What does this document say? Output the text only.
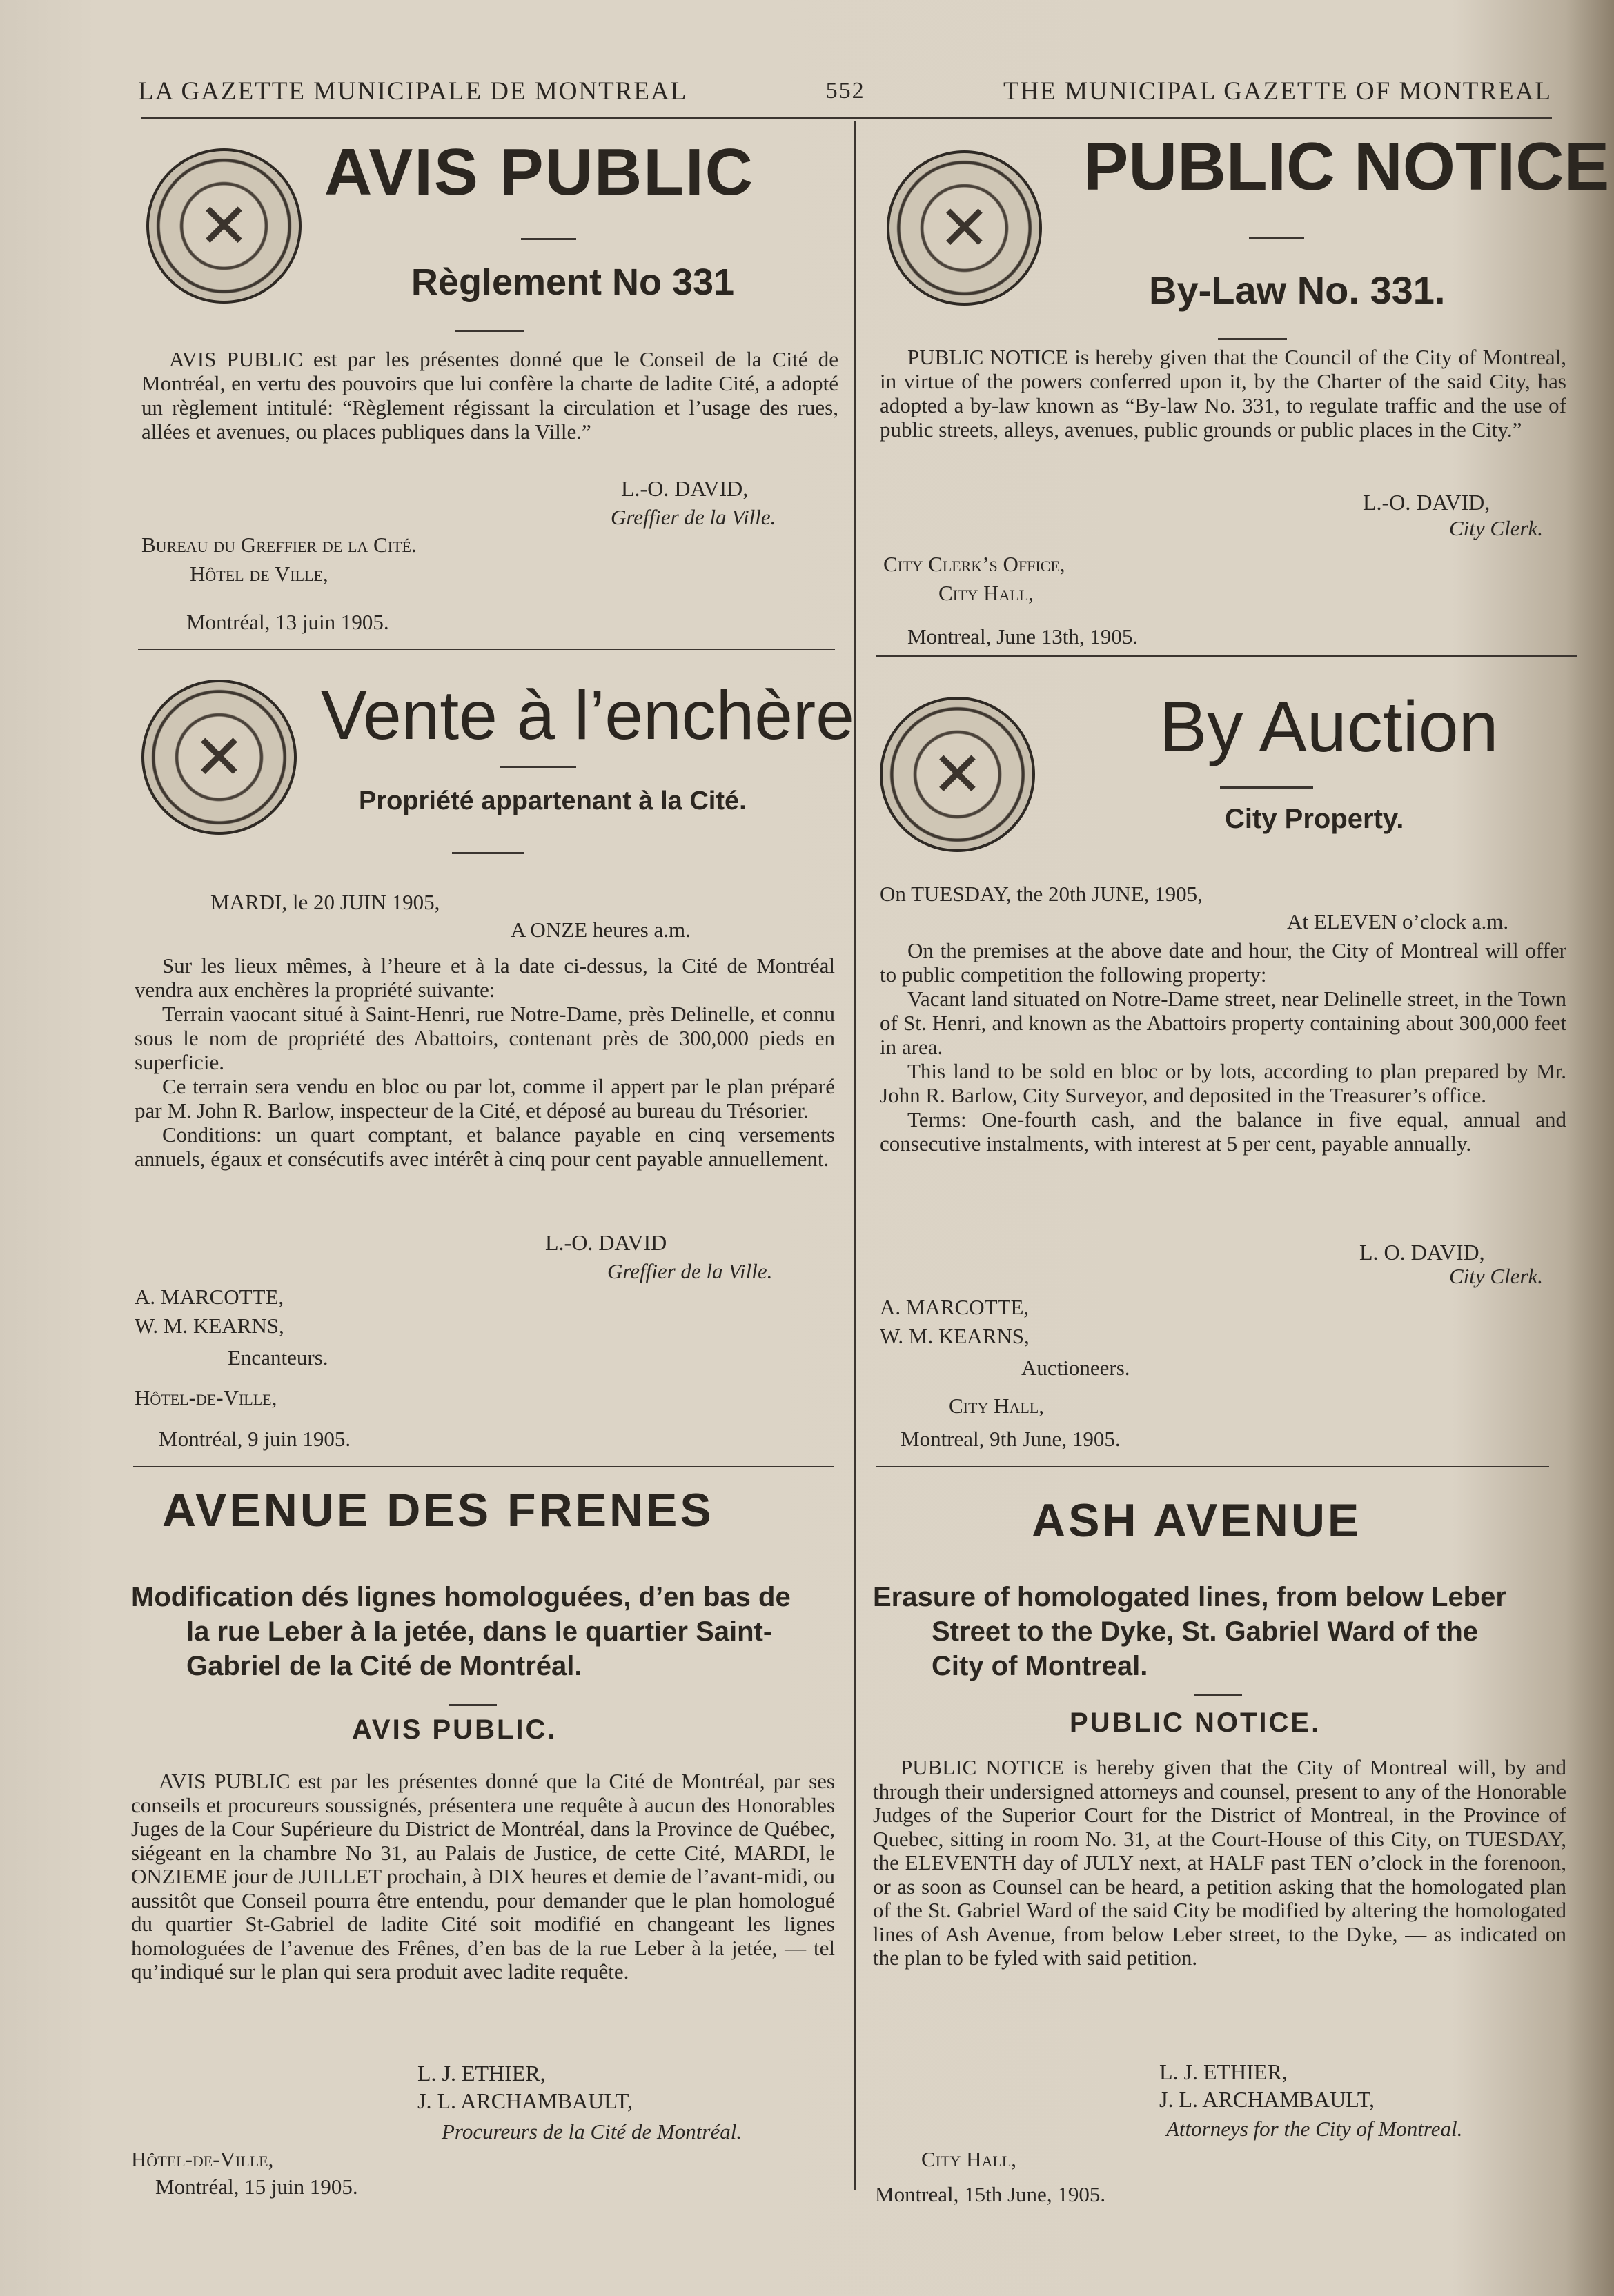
LA GAZETTE MUNICIPALE DE MONTREAL	552	THE MUNICIPAL GAZETTE OF MONTREAL
✕
AVIS PUBLIC
Règlement No 331

AVIS PUBLIC est par les présentes donné que le Conseil de la Cité de Montréal, en vertu des pouvoirs que lui confère la charte de ladite Cité, a adopté un règlement intitulé: “Règlement régissant la circulation et l’usage des rues, allées et avenues, ou places publiques dans la Ville.”

L.-O. DAVID,
Greffier de la Ville.
Bureau du Greffier de la Cité.
Hôtel de Ville,
Montréal, 13 juin 1905.
✕
Vente à l’enchère
Propriété appartenant à la Cité.
MARDI, le 20 JUIN 1905,
A ONZE heures a.m.

Sur les lieux mêmes, à l’heure et à la date ci-dessus, la Cité de Montréal vendra aux enchères la propriété suivante:

Terrain vaocant situé à Saint-Henri, rue Notre-Dame, près Delinelle, et connu sous le nom de propriété des Abattoirs, contenant près de 300,000 pieds en superficie.

Ce terrain sera vendu en bloc ou par lot, comme il appert par le plan préparé par M. John R. Barlow, inspecteur de la Cité, et déposé au bureau du Trésorier.

Conditions: un quart comptant, et balance payable en cinq versements annuels, égaux et consécutifs avec intérêt à cinq pour cent payable annuellement.

L.-O. DAVID
Greffier de la Ville.
A. MARCOTTE,
W. M. KEARNS,
Encanteurs.
Hôtel-de-Ville,
Montréal, 9 juin 1905.
AVENUE DES FRENES
Modification dés lignes homologuées, d’en bas de
la rue Leber à la jetée, dans le quartier Saint-
Gabriel de la Cité de Montréal.
AVIS PUBLIC.

AVIS PUBLIC est par les présentes donné que la Cité de Montréal, par ses conseils et procureurs soussignés, présentera une requête à aucun des Honorables Juges de la Cour Supérieure du District de Montréal, dans la Province de Québec, siégeant en la chambre No 31, au Palais de Justice, de cette Cité, MARDI, le ONZIEME jour de JUILLET prochain, à DIX heures et demie de l’avant-midi, ou aussitôt que Conseil pourra être entendu, pour demander que le plan homologué du quartier St-Gabriel de ladite Cité soit modifié en changeant les lignes homologuées de l’avenue des Frênes, d’en bas de la rue Leber à la jetée, — tel qu’indiqué sur le plan qui sera produit avec ladite requête.

L. J. ETHIER,
J. L. ARCHAMBAULT,
Procureurs de la Cité de Montréal.
Hôtel-de-Ville,
Montréal, 15 juin 1905.
✕
PUBLIC NOTICE
By-Law No. 331.

PUBLIC NOTICE is hereby given that the Council of the City of Montreal, in virtue of the powers conferred upon it, by the Charter of the said City, has adopted a by-law known as “By-law No. 331, to regulate traffic and the use of public streets, alleys, avenues, public grounds or public places in the City.”

L.-O. DAVID,
City Clerk.
City Clerk’s Office,
City Hall,
Montreal, June 13th, 1905.
✕
By Auction
City Property.
On TUESDAY, the 20th JUNE, 1905,
At ELEVEN o’clock a.m.

On the premises at the above date and hour, the City of Montreal will offer to public competition the following property:

Vacant land situated on Notre-Dame street, near Delinelle street, in the Town of St. Henri, and known as the Abattoirs property containing about 300,000 feet in area.

This land to be sold en bloc or by lots, according to plan prepared by Mr. John R. Barlow, City Surveyor, and deposited in the Treasurer’s office.

Terms: One-fourth cash, and the balance in five equal, annual and consecutive instalments, with interest at 5 per cent, payable annually.

L. O. DAVID,
City Clerk.
A. MARCOTTE,
W. M. KEARNS,
Auctioneers.
City Hall,
Montreal, 9th June, 1905.
ASH AVENUE
Erasure of homologated lines, from below Leber
Street to the Dyke, St. Gabriel Ward of the
City of Montreal.
PUBLIC NOTICE.

PUBLIC NOTICE is hereby given that the City of Montreal will, by and through their undersigned attorneys and counsel, present to any of the Honorable Judges of the Superior Court for the District of Montreal, in the Province of Quebec, sitting in room No. 31, at the Court-House of this City, on TUESDAY, the ELEVENTH day of JULY next, at HALF past TEN o’clock in the forenoon, or as soon as Counsel can be heard, a petition asking that the homologated plan of the St. Gabriel Ward of the said City be modified by altering the homologated lines of Ash Avenue, from below Leber street, to the Dyke, — as indicated on the plan to be fyled with said petition.

L. J. ETHIER,
J. L. ARCHAMBAULT,
Attorneys for the City of Montreal.
City Hall,
Montreal, 15th June, 1905.
